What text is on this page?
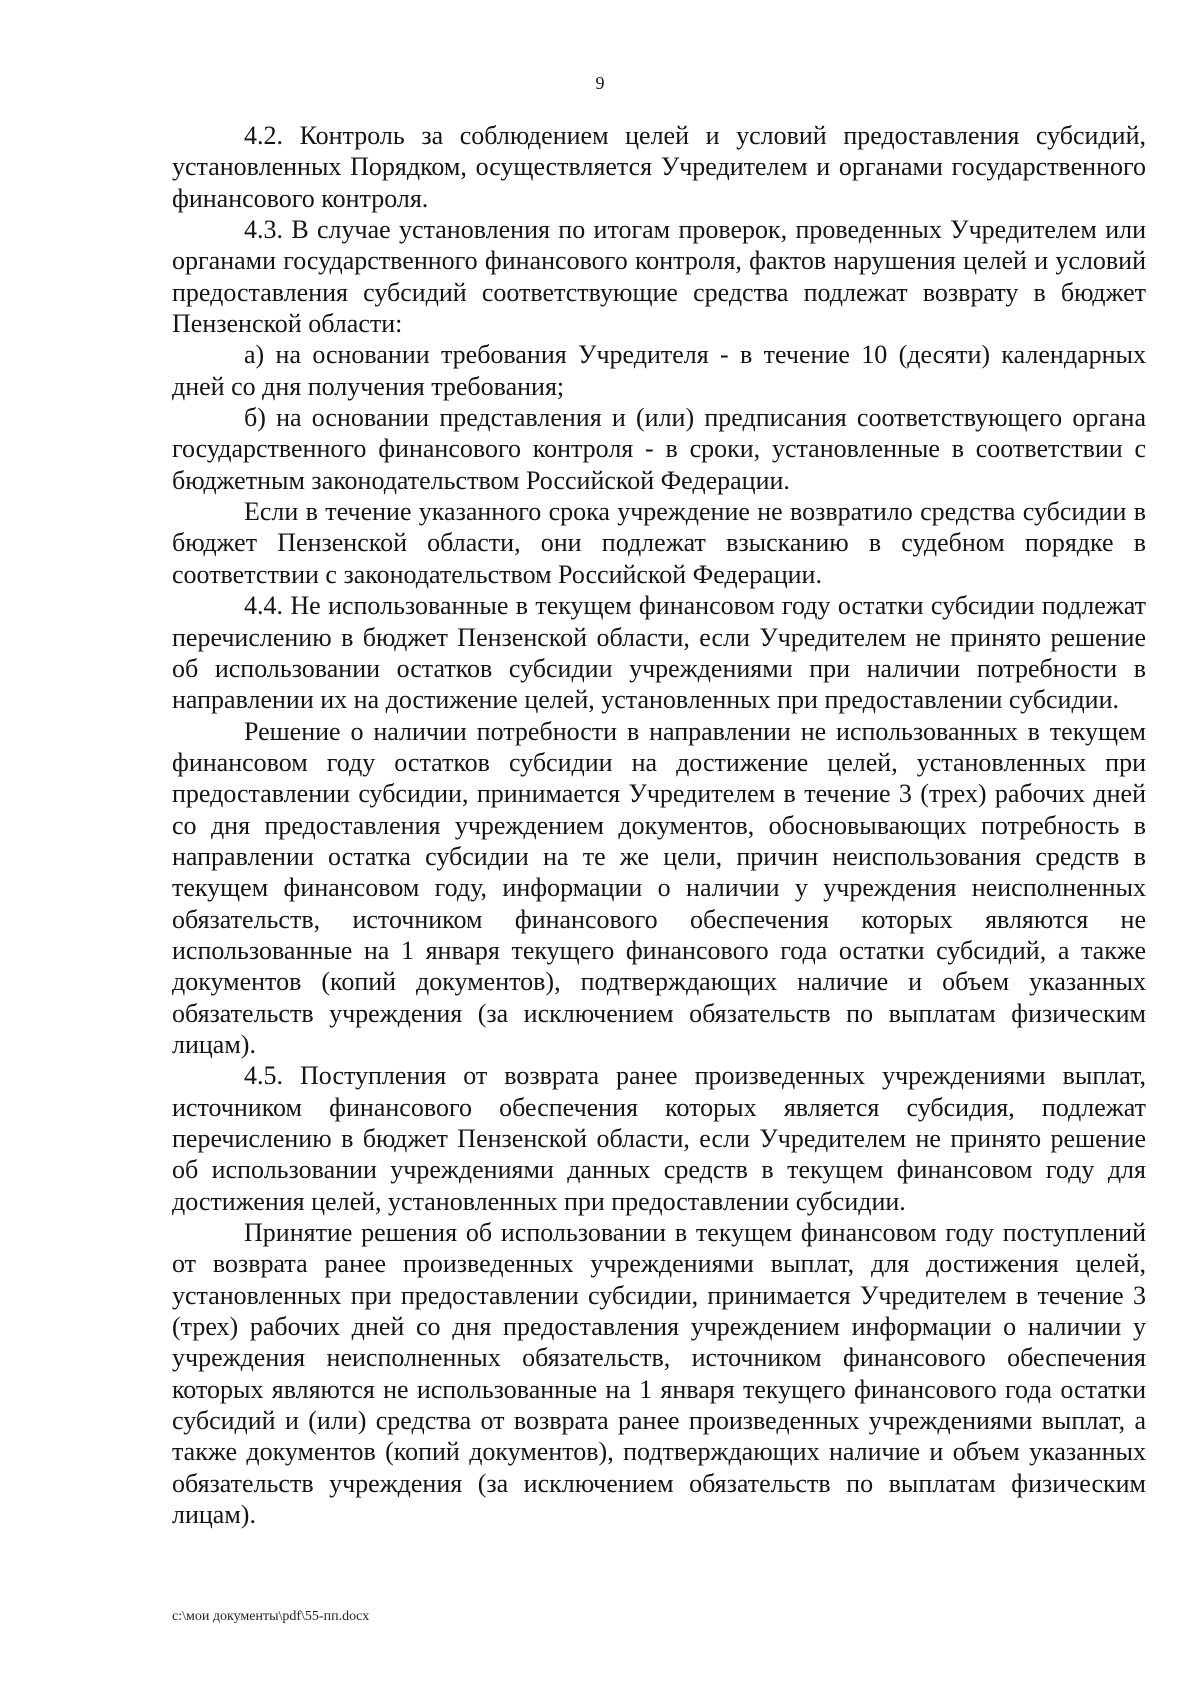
9

4.2. Контроль за соблюдением целей и условий предоставления субсидий, установленных Порядком, осуществляется Учредителем и органами государственного финансового контроля.

4.3. В случае установления по итогам проверок, проведенных Учредителем или органами государственного финансового контроля, фактов нарушения целей и условий предоставления субсидий соответствующие средства подлежат возврату в бюджет Пензенской области:

а) на основании требования Учредителя - в течение 10 (десяти) календарных дней со дня получения требования;

б) на основании представления и (или) предписания соответствующего органа государственного финансового контроля - в сроки, установленные в соответствии с бюджетным законодательством Российской Федерации.

Если в течение указанного срока учреждение не возвратило средства субсидии в бюджет Пензенской области, они подлежат взысканию в судебном порядке в соответствии с законодательством Российской Федерации.

4.4. Не использованные в текущем финансовом году остатки субсидии подлежат перечислению в бюджет Пензенской области, если Учредителем не принято решение об использовании остатков субсидии учреждениями при наличии потребности в направлении их на достижение целей, установленных при предоставлении субсидии.

Решение о наличии потребности в направлении не использованных в текущем финансовом году остатков субсидии на достижение целей, установленных при предоставлении субсидии, принимается Учредителем в течение 3 (трех) рабочих дней со дня предоставления учреждением документов, обосновывающих потребность в направлении остатка субсидии на те же цели, причин неиспользования средств в текущем финансовом году, информации о наличии у учреждения неисполненных обязательств, источником финансового обеспечения которых являются не использованные на 1 января текущего финансового года остатки субсидий, а также документов (копий документов), подтверждающих наличие и объем указанных обязательств учреждения (за исключением обязательств по выплатам физическим лицам).

4.5. Поступления от возврата ранее произведенных учреждениями выплат, источником финансового обеспечения которых является субсидия, подлежат перечислению в бюджет Пензенской области, если Учредителем не принято решение об использовании учреждениями данных средств в текущем финансовом году для достижения целей, установленных при предоставлении субсидии.

Принятие решения об использовании в текущем финансовом году поступлений от возврата ранее произведенных учреждениями выплат, для достижения целей, установленных при предоставлении субсидии, принимается Учредителем в течение 3 (трех) рабочих дней со дня предоставления учреждением информации о наличии у учреждения неисполненных обязательств, источником финансового обеспечения которых являются не использованные на 1 января текущего финансового года остатки субсидий и (или) средства от возврата ранее произведенных учреждениями выплат, а также документов (копий документов), подтверждающих наличие и объем указанных обязательств учреждения (за исключением обязательств по выплатам физическим лицам).

c:\мои документы\pdf\55-пп.docx
